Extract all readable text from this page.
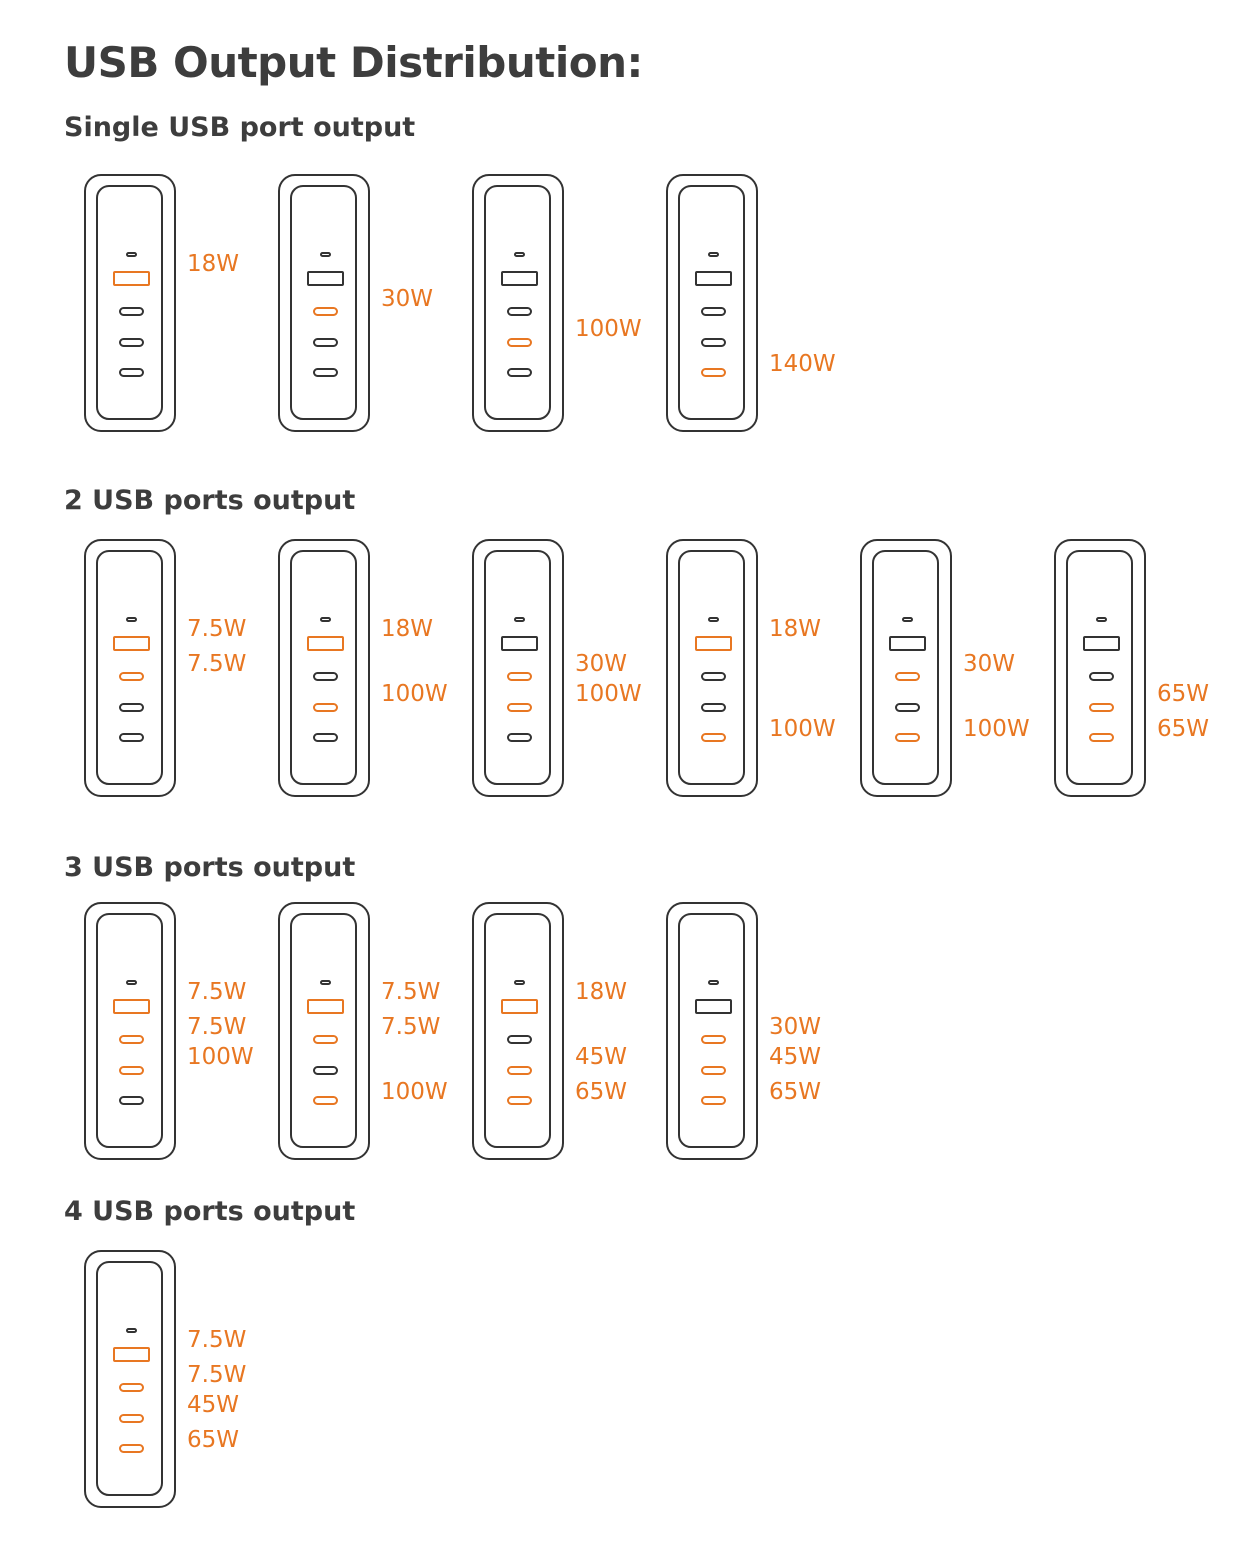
USB Output Distribution:
Single USB port output
18W
30W
100W
140W
2 USB ports output
7.5W
7.5W
18W
100W
30W
100W
18W
100W
30W
100W
65W
65W
3 USB ports output
7.5W
7.5W
100W
7.5W
7.5W
100W
18W
45W
65W
30W
45W
65W
4 USB ports output
7.5W
7.5W
45W
65W
